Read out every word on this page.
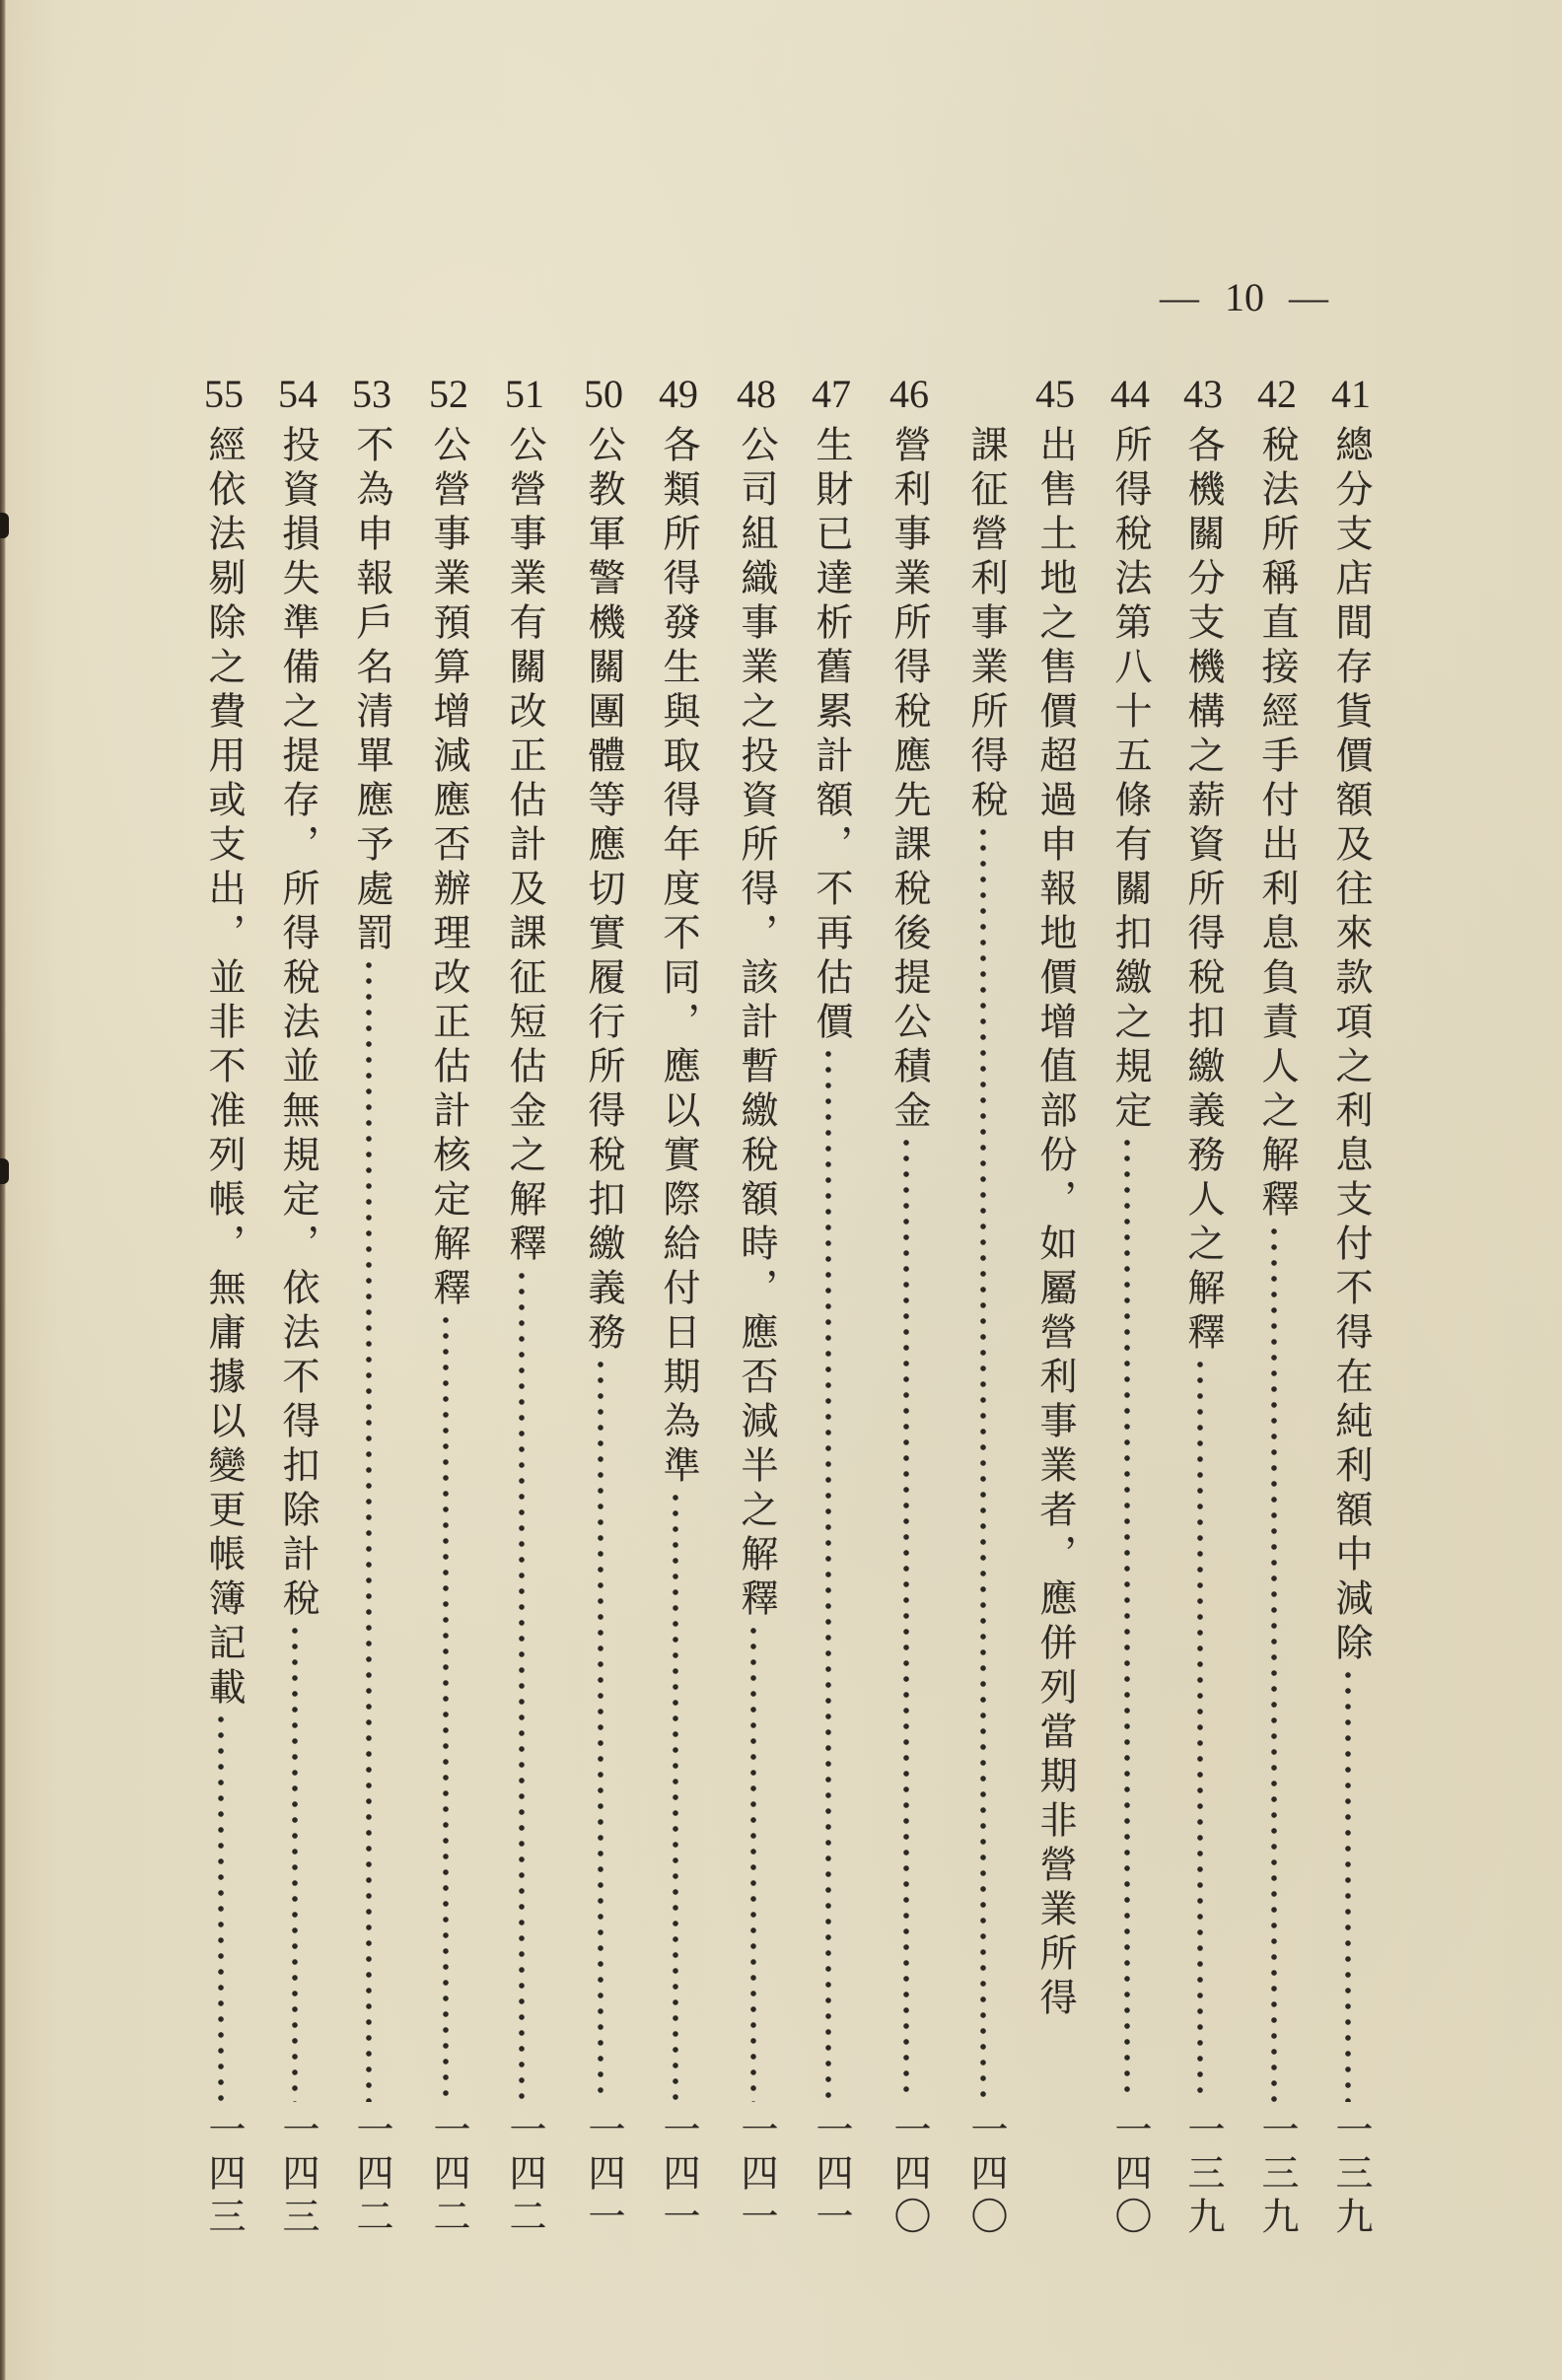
— 10 —
41
總分支店間存貨價額及往來款項之利息支付不得在純利額中減除
一三九
42
稅法所稱直接經手付出利息負責人之解釋
一三九
43
各機關分支機構之薪資所得稅扣繳義務人之解釋
一三九
44
所得稅法第八十五條有關扣繳之規定
一四〇
45
出售土地之售價超過申報地價增值部份，如屬營利事業者，應併列當期非營業所得
課征營利事業所得稅
一四〇
46
營利事業所得稅應先課稅後提公積金
一四〇
47
生財已達析舊累計額，不再估價
一四一
48
公司組織事業之投資所得，該計暫繳稅額時，應否減半之解釋
一四一
49
各類所得發生與取得年度不同，應以實際給付日期為準
一四一
50
公教軍警機關團體等應切實履行所得稅扣繳義務
一四一
51
公營事業有關改正估計及課征短估金之解釋
一四二
52
公營事業預算增減應否辦理改正估計核定解釋
一四二
53
不為申報戶名清單應予處罰
一四二
54
投資損失準備之提存，所得稅法並無規定，依法不得扣除計稅
一四三
55
經依法剔除之費用或支出，並非不准列帳，無庸據以變更帳簿記載
一四三
